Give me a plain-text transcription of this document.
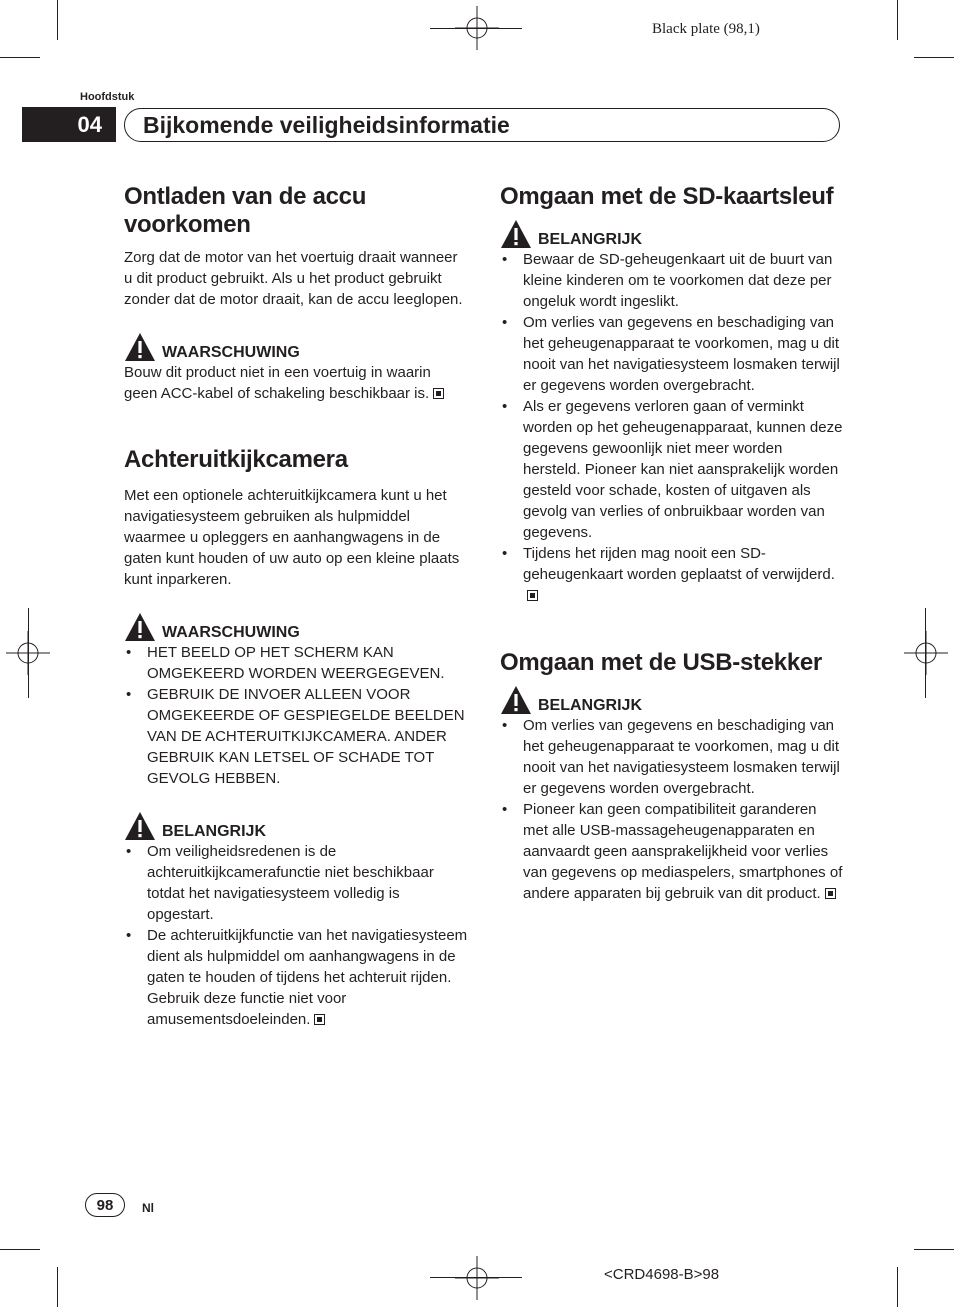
Black plate (98,1)
Hoofdstuk
04	Bijkomende veiligheidsinformatie
Ontladen van de accu voorkomen

Zorg dat de motor van het voertuig draait wanneer u dit product gebruikt. Als u het product gebruikt zonder dat de motor draait, kan de accu leeglopen.

WAARSCHUWING

Bouw dit product niet in een voertuig in waarin geen ACC-kabel of schakeling beschikbaar is.

Achteruitkijkcamera

Met een optionele achteruitkijkcamera kunt u het navigatiesysteem gebruiken als hulpmiddel waarmee u opleggers en aanhangwagens in de gaten kunt houden of uw auto op een kleine plaats kunt inparkeren.

WAARSCHUWING
• HET BEELD OP HET SCHERM KAN OMGEKEERD WORDEN WEERGEGEVEN.
• GEBRUIK DE INVOER ALLEEN VOOR OMGEKEERDE OF GESPIEGELDE BEELDEN VAN DE ACHTERUITKIJKCAMERA. ANDER GEBRUIK KAN LETSEL OF SCHADE TOT GEVOLG HEBBEN.
BELANGRIJK
• Om veiligheidsredenen is de achteruitkijkcamerafunctie niet beschikbaar totdat het navigatiesysteem volledig is opgestart.
• De achteruitkijkfunctie van het navigatiesysteem dient als hulpmiddel om aanhangwagens in de gaten te houden of tijdens het achteruit rijden. Gebruik deze functie niet voor amusementsdoeleinden.
Omgaan met de SD-kaartsleuf
BELANGRIJK
• Bewaar de SD-geheugenkaart uit de buurt van kleine kinderen om te voorkomen dat deze per ongeluk wordt ingeslikt.
• Om verlies van gegevens en beschadiging van het geheugenapparaat te voorkomen, mag u dit nooit van het navigatiesysteem losmaken terwijl er gegevens worden overgebracht.
• Als er gegevens verloren gaan of verminkt worden op het geheugenapparaat, kunnen deze gegevens gewoonlijk niet meer worden hersteld. Pioneer kan niet aansprakelijk worden gesteld voor schade, kosten of uitgaven als gevolg van verlies of onbruikbaar worden van gegevens.
• Tijdens het rijden mag nooit een SD-geheugenkaart worden geplaatst of verwijderd.
Omgaan met de USB-stekker
BELANGRIJK
• Om verlies van gegevens en beschadiging van het geheugenapparaat te voorkomen, mag u dit nooit van het navigatiesysteem losmaken terwijl er gegevens worden overgebracht.
• Pioneer kan geen compatibiliteit garanderen met alle USB-massageheugenapparaten en aanvaardt geen aansprakelijkheid voor verlies van gegevens op mediaspelers, smartphones of andere apparaten bij gebruik van dit product.
98 Nl
<CRD4698-B>98
